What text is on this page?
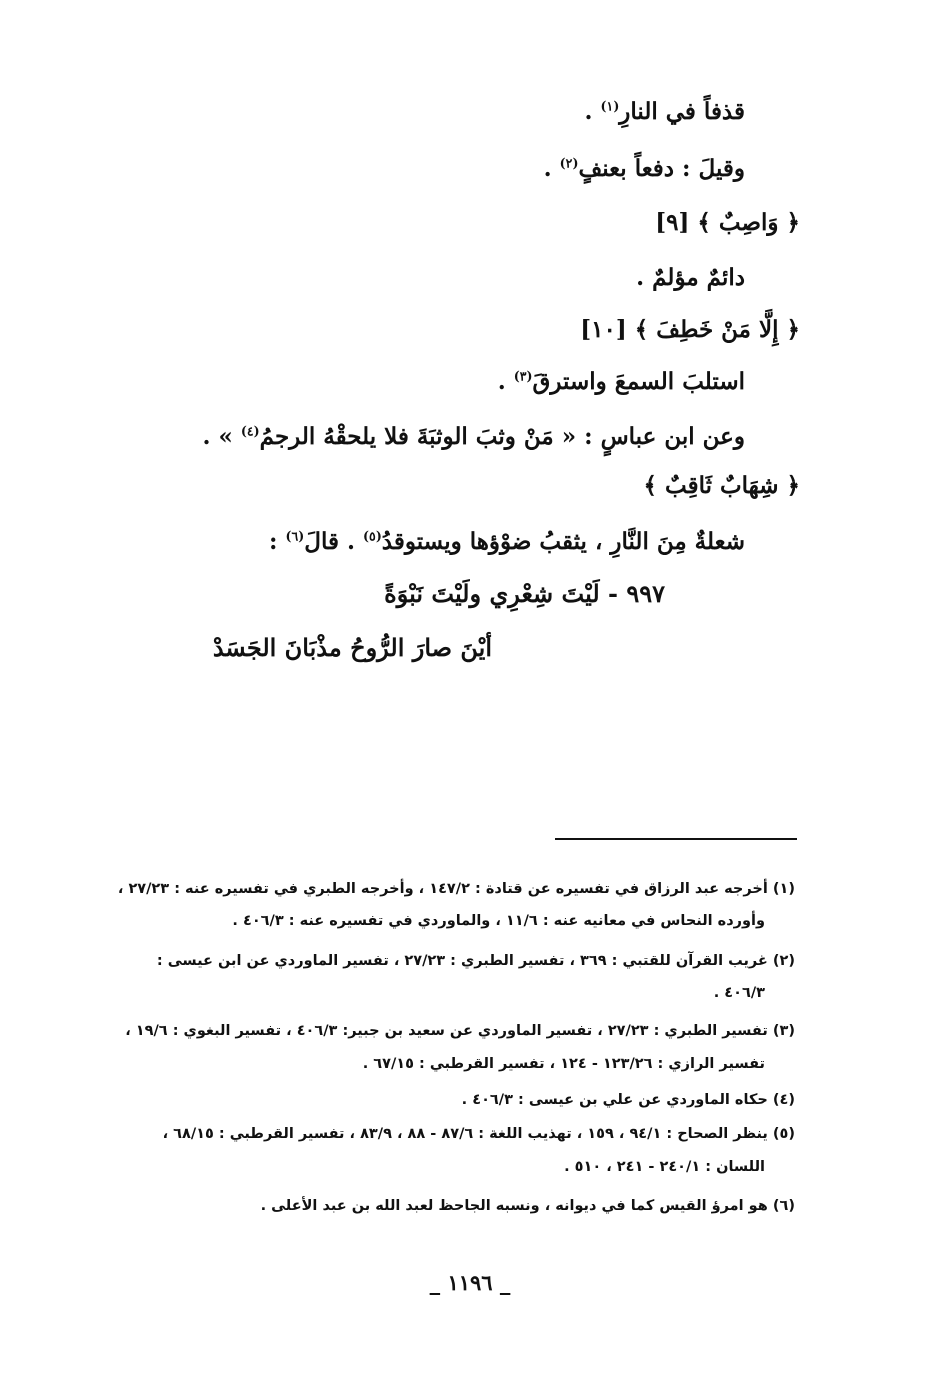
قذفاً في النارِ$^{(١)}$ .
وقيلَ : دفعاً بعنفٍ$^{(٢)}$ .
﴿ وَاصِبٌ ﴾ [٩]
دائمٌ مؤلمٌ .
﴿ إِلَّا مَنْ خَطِفَ ﴾ [١٠]
استلبَ السمعَ واسترقَ$^{(٣)}$ .
وعن ابن عباسٍ : « مَنْ وثبَ الوثبَةَ فلا يلحقْهُ الرجمُ$^{(٤)}$ » .
﴿ شِهَابٌ ثَاقِبٌ ﴾
شعلةٌ مِنَ النَّارِ ، يثقبُ ضوْؤها ويستوقدُ$^{(٥)}$ . قالَ$^{(٦)}$ :
٩٩٧ - لَيْتَ شِعْرِي ولَيْتَ نَبْوَةً
أيْنَ صارَ الرُّوحُ مذْبَانَ الجَسَدْ
(١) أخرجه عبد الرزاق في تفسيره عن قتادة : ١٤٧/٢ ، وأخرجه الطبري في تفسيره عنه : ٢٧/٢٣ ،
وأورده النحاس في معانيه عنه : ١١/٦ ، والماوردي في تفسيره عنه : ٤٠٦/٣ .
(٢) غريب القرآن للقتبي : ٣٦٩ ، تفسير الطبري : ٢٧/٢٣ ، تفسير الماوردي عن ابن عيسى :
٤٠٦/٣ .
(٣) تفسير الطبري : ٢٧/٢٣ ، تفسير الماوردي عن سعيد بن جبير: ٤٠٦/٣ ، تفسير البغوي : ١٩/٦ ،
تفسير الرازي : ١٢٣/٢٦ - ١٢٤ ، تفسير القرطبي : ٦٧/١٥ .
(٤) حكاه الماوردي عن علي بن عيسى : ٤٠٦/٣ .
(٥) ينظر الصحاح : ٩٤/١ ، ١٥٩ ، تهذيب اللغة : ٨٧/٦ - ٨٨ ، ٨٣/٩ ، تفسير القرطبي : ٦٨/١٥ ،
اللسان : ٢٤٠/١ - ٢٤١ ، ٥١٠ .
(٦) هو امرؤ القيس كما في ديوانه ، ونسبه الجاحظ لعبد الله بن عبد الأعلى .
_ ١١٩٦ _
